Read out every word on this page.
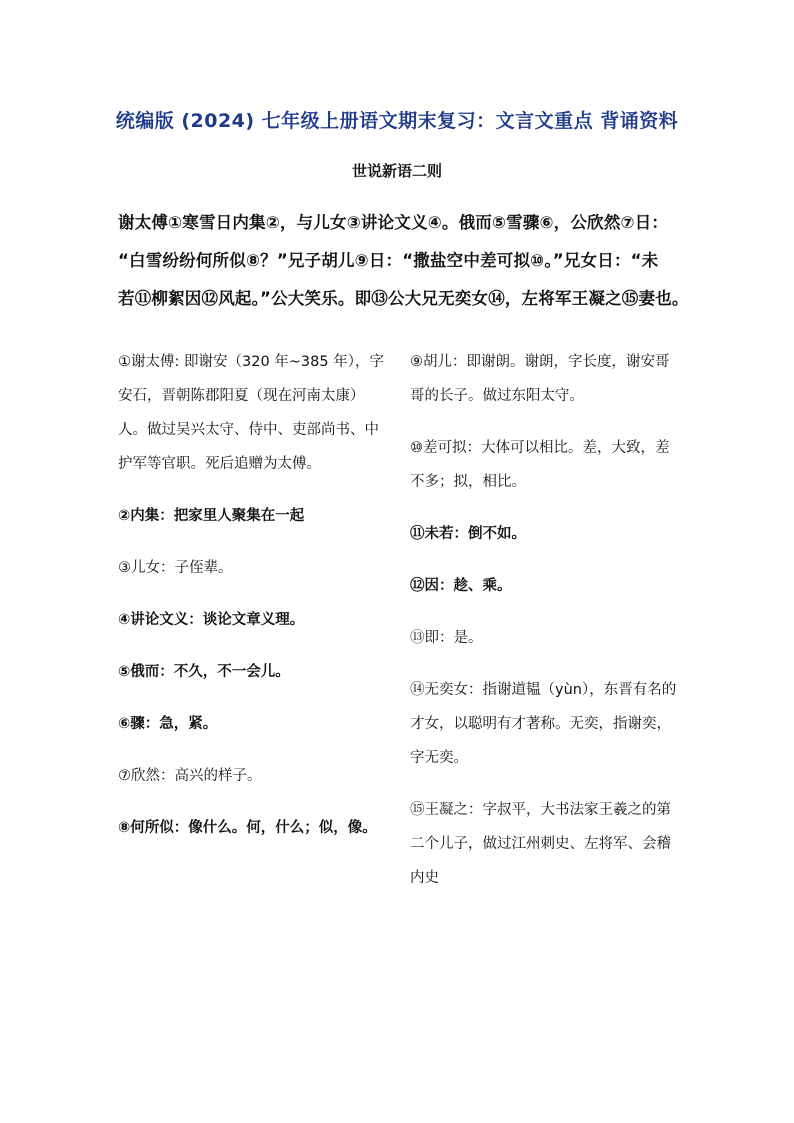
统编版 (2024) 七年级上册语文期末复习：文言文重点 背诵资料
世说新语二则

谢太傅①寒雪日内集②，与儿女③讲论文义④。俄而⑤雪骤⑥，公欣然⑦日：

“白雪纷纷何所似⑧？”兄子胡儿⑨日：“撒盐空中差可拟⑩。”兄女日：“未

若⑪柳絮因⑫风起。”公大笑乐。即⑬公大兄无奕女⑭，左将军王凝之⑮妻也。

①谢太傅: 即谢安（320 年~385 年），字安石，晋朝陈郡阳夏（现在河南太康）人。做过吴兴太守、侍中、吏部尚书、中护军等官职。死后追赠为太傅。

②内集：把家里人聚集在一起

③儿女：子侄辈。

④讲论文义：谈论文章义理。

⑤俄而：不久，不一会儿。

⑥骤：急，紧。

⑦欣然：高兴的样子。

⑧何所似：像什么。何，什么；似，像。

⑨胡儿：即谢朗。谢朗，字长度，谢安哥哥的长子。做过东阳太守。

⑩差可拟：大体可以相比。差，大致，差不多；拟，相比。

⑪未若：倒不如。

⑫因：趁、乘。

⑬即：是。

⑭无奕女：指谢道韫（yùn），东晋有名的才女，以聪明有才著称。无奕，指谢奕，字无奕。

⑮王凝之：字叔平，大书法家王羲之的第二个儿子，做过江州刺史、左将军、会稽内史
